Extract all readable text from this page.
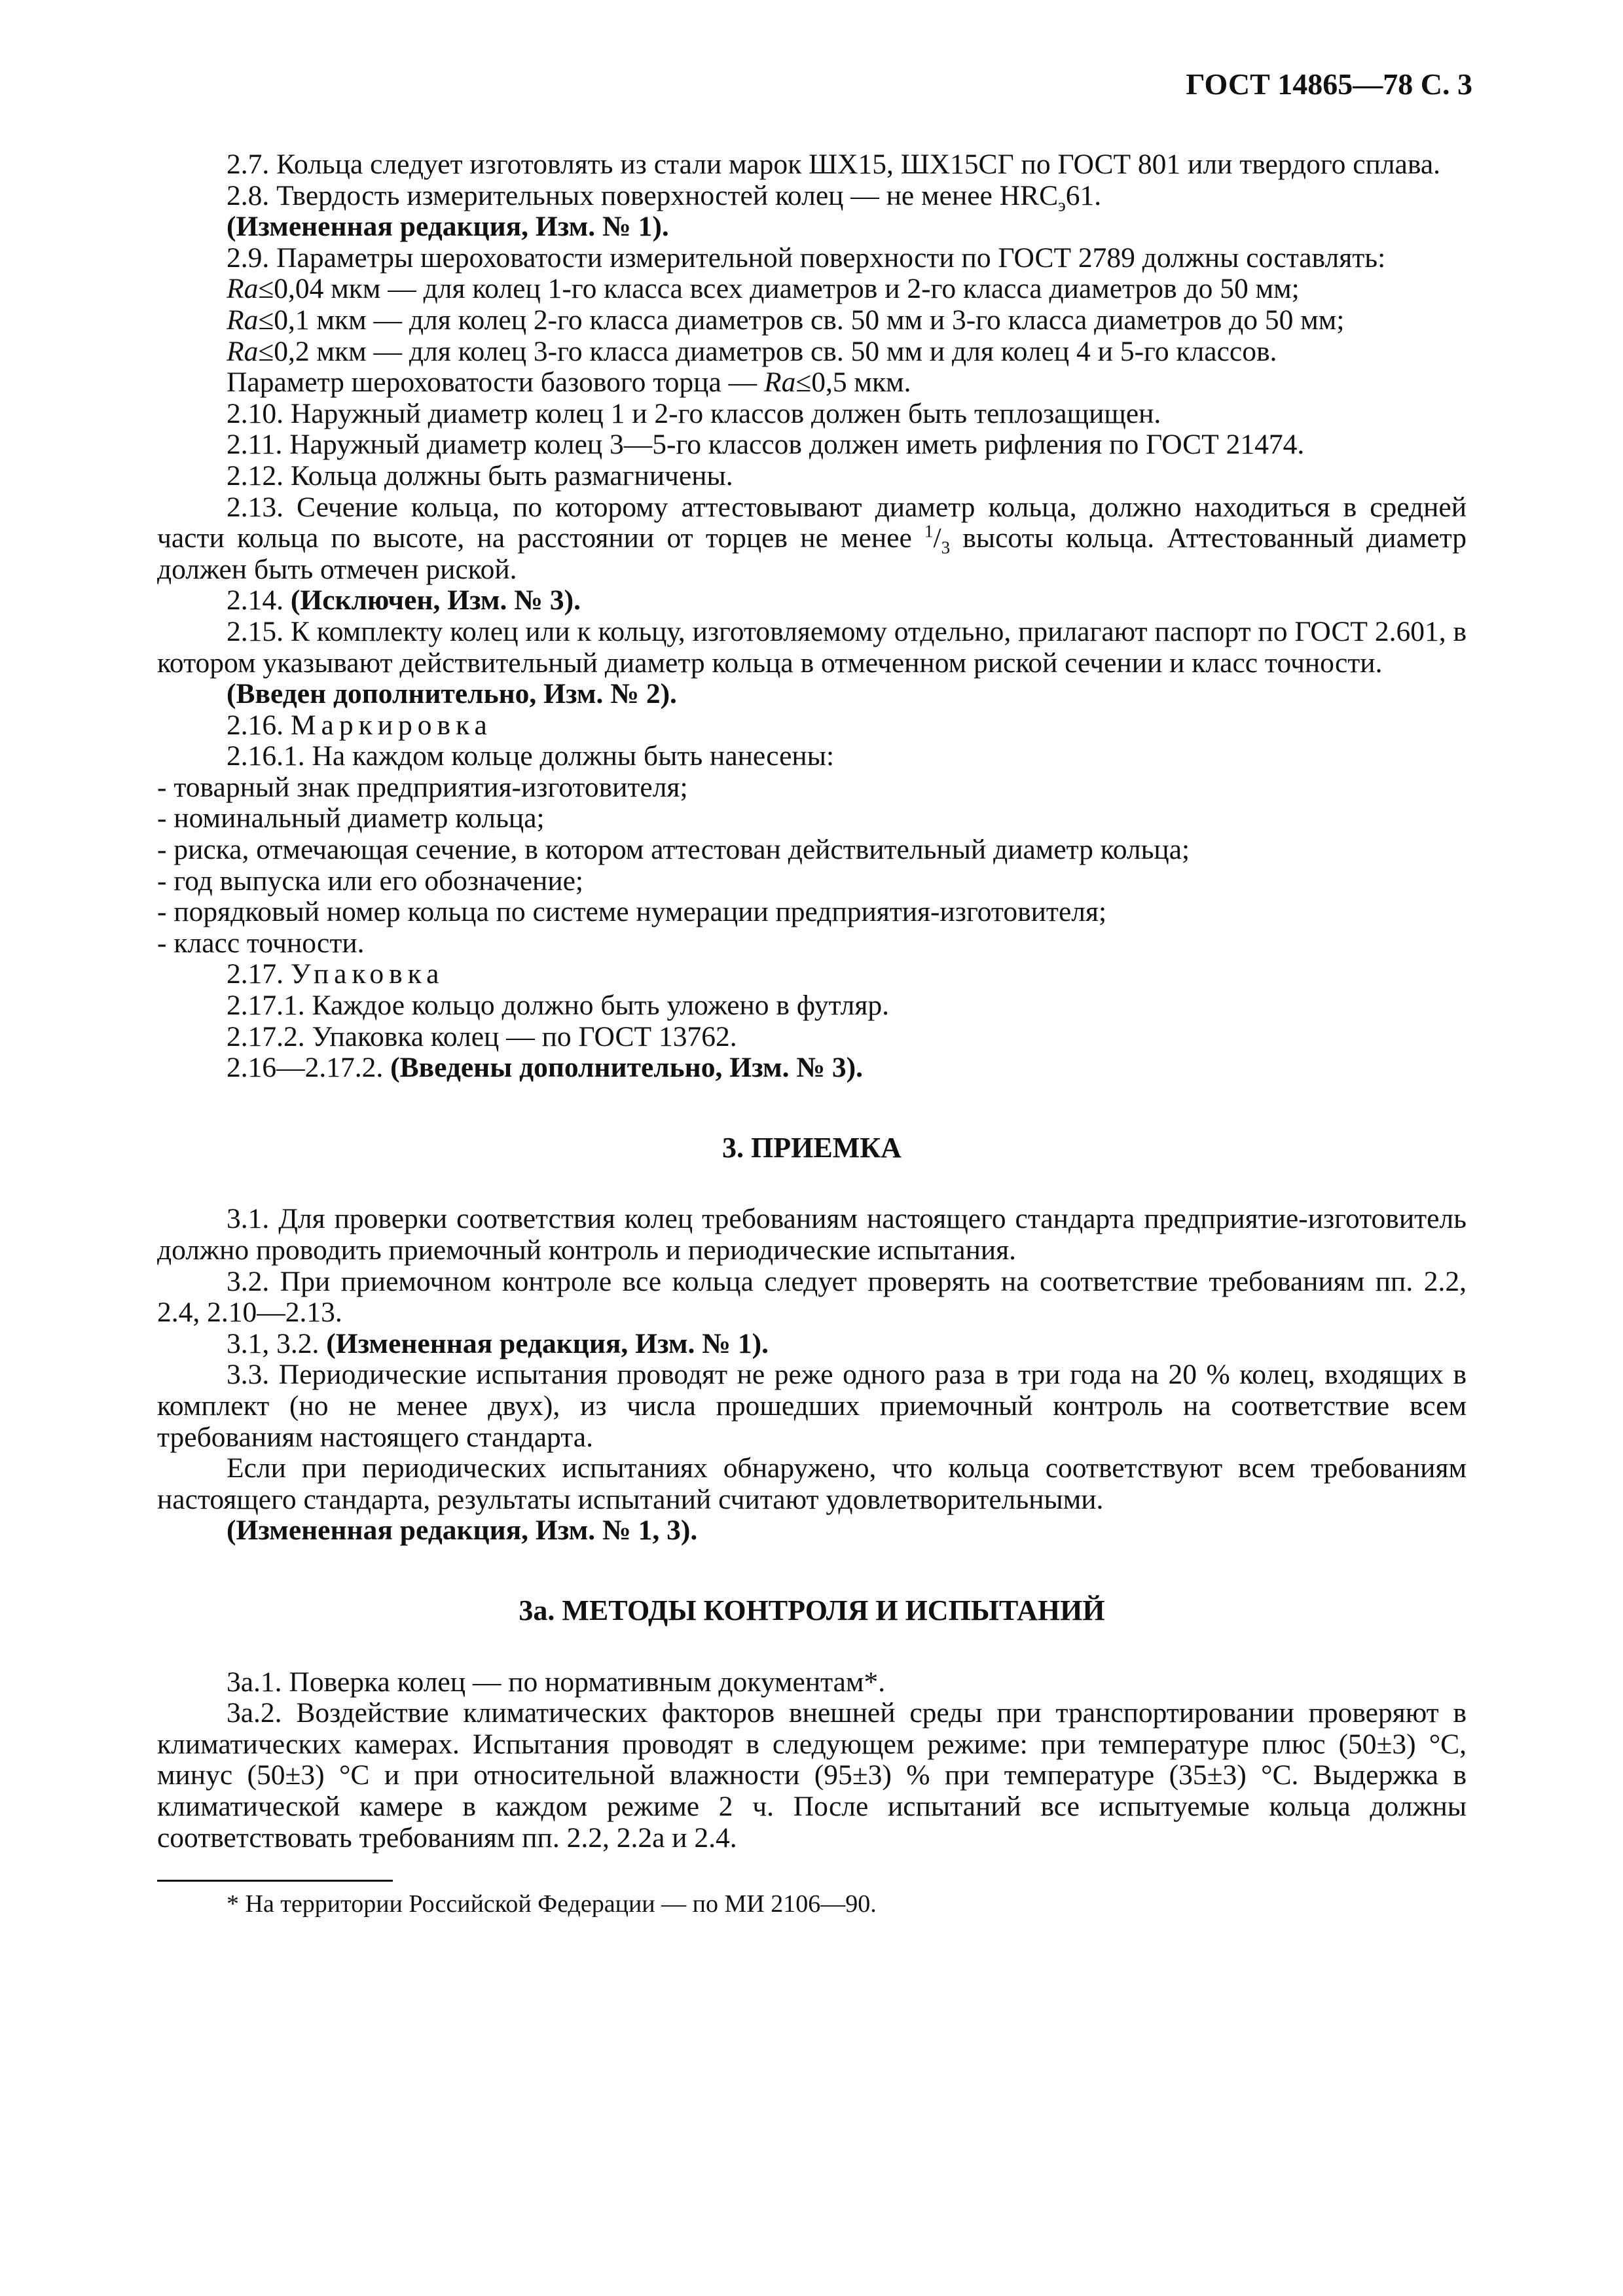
ГОСТ 14865—78 С. 3

2.7. Кольца следует изготовлять из стали марок ШХ15, ШХ15СГ по ГОСТ 801 или твердого сплава.

2.8. Твердость измерительных поверхностей колец — не менее $HRC_э61$.

(Измененная редакция, Изм. № 1).

2.9. Параметры шероховатости измерительной поверхности по ГОСТ 2789 должны составлять:

Ra≤0,04 мкм — для колец 1-го класса всех диаметров и 2-го класса диаметров до 50 мм;

Ra≤0,1 мкм — для колец 2-го класса диаметров св. 50 мм и 3-го класса диаметров до 50 мм;

Ra≤0,2 мкм — для колец 3-го класса диаметров св. 50 мм и для колец 4 и 5-го классов.

Параметр шероховатости базового торца — Ra≤0,5 мкм.

2.10. Наружный диаметр колец 1 и 2-го классов должен быть теплозащищен.

2.11. Наружный диаметр колец 3—5-го классов должен иметь рифления по ГОСТ 21474.

2.12. Кольца должны быть размагничены.

2.13. Сечение кольца, по которому аттестовывают диаметр кольца, должно находиться в средней части кольца по высоте, на расстоянии от торцев не менее $^1/_3$ высоты кольца. Аттестованный диаметр должен быть отмечен риской.

2.14. (Исключен, Изм. № 3).

2.15. К комплекту колец или к кольцу, изготовляемому отдельно, прилагают паспорт по ГОСТ 2.601, в котором указывают действительный диаметр кольца в отмеченном риской сечении и класс точности.

(Введен дополнительно, Изм. № 2).

2.16. Маркировка

2.16.1. На каждом кольце должны быть нанесены:

- товарный знак предприятия-изготовителя;

- номинальный диаметр кольца;

- риска, отмечающая сечение, в котором аттестован действительный диаметр кольца;

- год выпуска или его обозначение;

- порядковый номер кольца по системе нумерации предприятия-изготовителя;

- класс точности.

2.17. Упаковка

2.17.1. Каждое кольцо должно быть уложено в футляр.

2.17.2. Упаковка колец — по ГОСТ 13762.

2.16—2.17.2. (Введены дополнительно, Изм. № 3).

3. ПРИЕМКА

3.1. Для проверки соответствия колец требованиям настоящего стандарта предприятие-изготовитель должно проводить приемочный контроль и периодические испытания.

3.2. При приемочном контроле все кольца следует проверять на соответствие требованиям пп. 2.2, 2.4, 2.10—2.13.

3.1, 3.2. (Измененная редакция, Изм. № 1).

3.3. Периодические испытания проводят не реже одного раза в три года на 20 % колец, входящих в комплект (но не менее двух), из числа прошедших приемочный контроль на соответствие всем требованиям настоящего стандарта.

Если при периодических испытаниях обнаружено, что кольца соответствуют всем требованиям настоящего стандарта, результаты испытаний считают удовлетворительными.

(Измененная редакция, Изм. № 1, 3).

3а. МЕТОДЫ КОНТРОЛЯ И ИСПЫТАНИЙ

3а.1. Поверка колец — по нормативным документам*.

3а.2. Воздействие климатических факторов внешней среды при транспортировании проверяют в климатических камерах. Испытания проводят в следующем режиме: при температуре плюс (50±3) °С, минус (50±3) °С и при относительной влажности (95±3) % при температуре (35±3) °С. Выдержка в климатической камере в каждом режиме 2 ч. После испытаний все испытуемые кольца должны соответствовать требованиям пп. 2.2, 2.2а и 2.4.

* На территории Российской Федерации — по МИ 2106—90.
